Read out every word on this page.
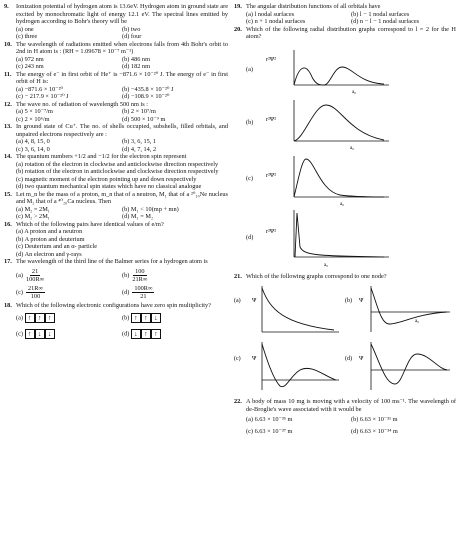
9.	Ionization potential of hydrogen atom is 13.6eV. Hydrogen atom in ground state are excited by monochromatic light of energy 12.1 eV. The spectral lines emitted by hydrogen according to Bohr's theory will be
(a) one	(b) two
(c) three	(d) four
10. The wavelength of radiations emitted when electrons falls from 4th Bohr's orbit to 2nd in H atom is : (RH = 1.09678 × 10⁻⁷ m⁻¹)
(a) 972 nm	(b) 486 nm
(c) 243 nm	(d) 182 nm
11. The energy of e⁻ in first orbit of He⁺ is −871.6 × 10⁻²⁰ J. The energy of e⁻ in first orbit of H is:
(a) −871.6 × 10⁻²⁰	(b) −435.8 × 10⁻²⁰ J
(c) − 217.9 × 10⁻²⁰ J	(d) −108.9 × 10⁻²⁰
12. The wave no. of radiation of wavelength 500 nm is :
(a) 5 × 10⁻⁷/m	(b) 2 × 10⁷/m
(c) 2 × 10⁶/m	(d) 500 × 10⁻⁹ m
13. In ground state of Cu⁺. The no. of shells occupied, subshells, filled orbitals, and unpaired electrons respectively are :
(a) 4, 8, 15, 0	(b) 3, 6, 15, 1
(c) 3, 6, 14, 0	(d) 4, 7, 14, 2
14. The quantum numbers +1/2 and −1/2 for the electron spin represent
(a) rotation of the electron in clockwise and anticlockwise direction respectively
(b) rotation of the electron in anticlockwise and clockwise direction respectively
(c) magnetic moment of the electron pointing up and down respectively
(d) two quantum mechanical spin states which have no classical analogue
15. Let m_n be the mass of a proton, m_n that of a neutron, M₁ that of a ²⁰₁₀Ne nucleus and M₂ that of a ⁴⁰₂₀Ca nucleus. Then
(a) M₂ = 2M₁	(b) M₁ < 10(mp + mn)
(c) M₂ > 2M₁	(d) M₁ = M₂
16. Which of the following pairs have identical values of e/m?
(a) A proton and a neutron
(b) A proton and deuterium
(c) Deuterium and an α- particle
(d) An electron and γ-rays
17. The wavelength of the third line of the Balmer series for a hydrogen atom is
$(a) \frac{21}{100R\infty}$	$(b) \frac{100}{21R\infty}$
$(c) \frac{21R\infty}{100}$	$(d) \frac{100R\infty}{21}$
18. Which of the following electronic configurations have zero spin multiplicity?
(a) ↑ ↑ ↑	(b) ↑ ↑ ↓
(c) ↑ ↓ ↓	(d) ↓ ↑ ↑
19. The angular distribution functions of all orbitals have
(a) l nodal surfaces	(b) l − 1 nodal surfaces
(c) n + 1 nodal surfaces	(d) n − l − 1 nodal surfaces
20. Which of the following radial distribution graphs correspond to l = 2 for the H atom?
(a)
r²Ψ²
a₀
(b)	r²Ψ²
a₀
(c)	r²Ψ²
a₀
(d)
r²Ψ²
a₀
21. Which of the following graphs correspond to one node?
(a) Ψ	(b) Ψ
a₀
(c) Ψ	(d) Ψ
22. A body of mass 10 mg is moving with a velocity of 100 ms⁻¹. The wavelength of de-Broglie's wave associated with it would be
(a) 6.63 × 10⁻³⁵ m	(b) 6.63 × 10⁻³¹ m
(c) 6.63 × 10⁻³⁷ m	(d) 6.63 × 10⁻³⁴ m
